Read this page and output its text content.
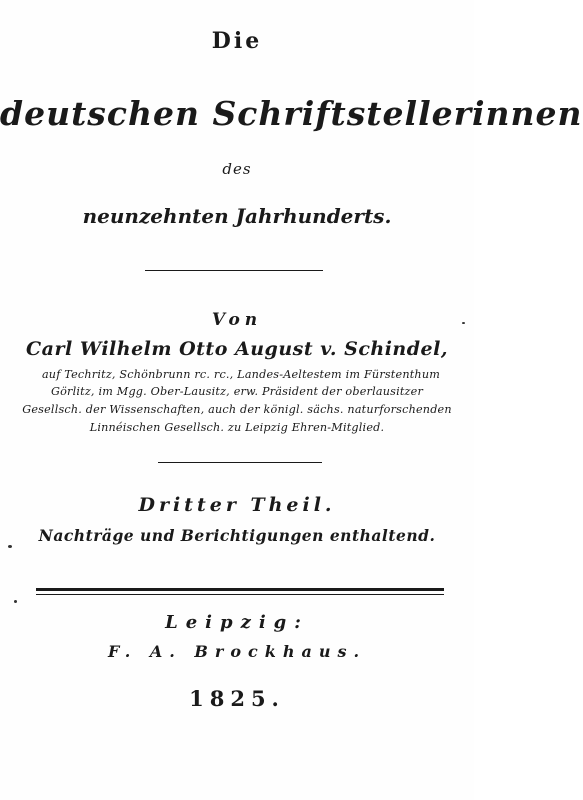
Die
deutschen Schriftstellerinnen
des
neunzehnten Jahrhunderts.
Von
Carl Wilhelm Otto August v. Schindel,
auf Techritz, Schönbrunn rc. rc., Landes-Aeltestem im Fürstenthum
Görlitz, im Mgg. Ober-Lausitz, erw. Präsident der oberlausitzer
Gesellsch. der Wissenschaften, auch der königl. sächs. naturforschenden
Linnéischen Gesellsch. zu Leipzig Ehren-Mitglied.
Dritter Theil.
Nachträge und Berichtigungen enthaltend.
Leipzig:
F. A. Brockhaus.
1825.
